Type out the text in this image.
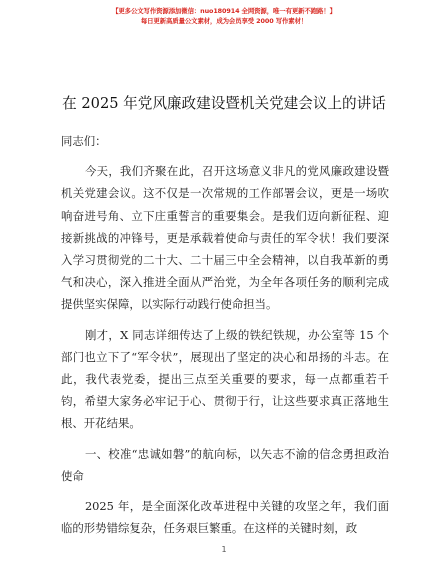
【更多公文写作资源添加微信：nuo180914 全网资源，唯一有更新不跑路！】
每日更新高质量公文素材，成为会员享受 2000 写作素材！
在 2025 年党风廉政建设暨机关党建会议上的讲话

同志们：

今天，我们齐聚在此，召开这场意义非凡的党风廉政建设暨机关党建会议。这不仅是一次常规的工作部署会议，更是一场吹响奋进号角、立下庄重誓言的重要集会。是我们迈向新征程、迎接新挑战的冲锋号，更是承载着使命与责任的军令状！我们要深入学习贯彻党的二十大、二十届三中全会精神，以自我革新的勇气和决心，深入推进全面从严治党，为全年各项任务的顺利完成提供坚实保障，以实际行动践行使命担当。

刚才，X 同志详细传达了上级的铁纪铁规，办公室等 15 个部门也立下了“军令状”，展现出了坚定的决心和昂扬的斗志。在此，我代表党委，提出三点至关重要的要求，每一点都重若千钧，希望大家务必牢记于心、贯彻于行，让这些要求真正落地生根、开花结果。

一、校准“忠诚如磐”的航向标，以矢志不渝的信念勇担政治使命

2025 年，是全面深化改革进程中关键的攻坚之年，我们面临的形势错综复杂，任务艰巨繁重。在这样的关键时刻，政

1
